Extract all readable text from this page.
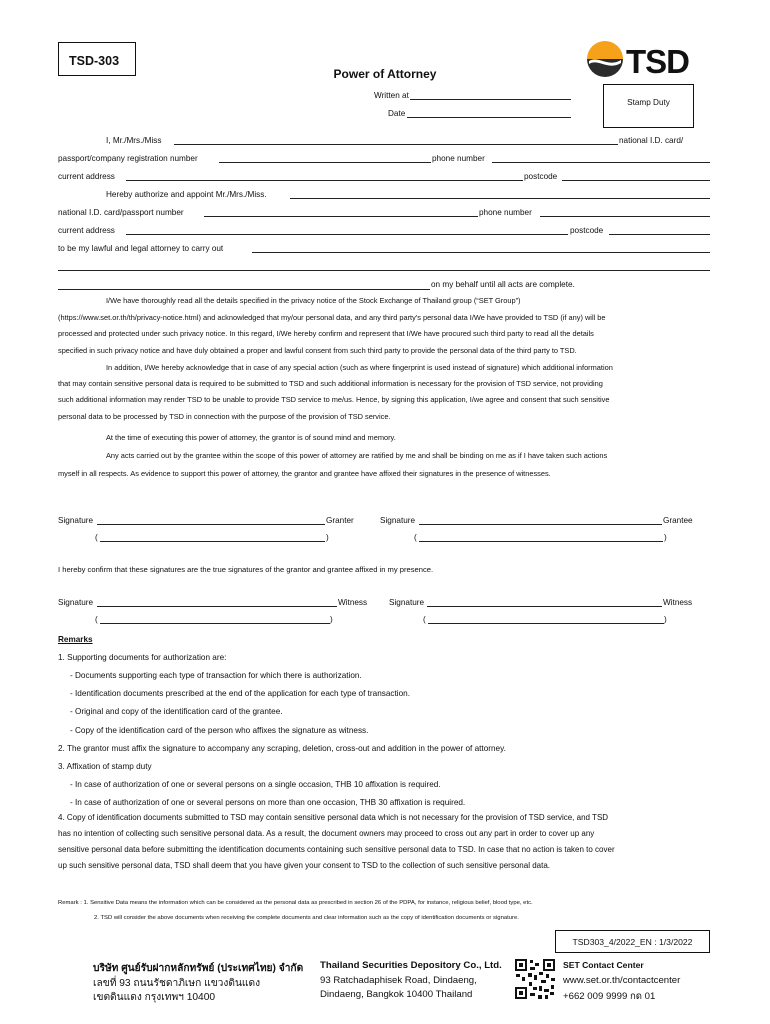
TSD-303
Power of Attorney	TSD
Written at
Date
Stamp Duty
I, Mr./Mrs./Miss	national I.D. card/
passport/company registration number	phone number
current address	postcode
Hereby authorize and appoint Mr./Mrs./Miss.
national I.D. card/passport number	phone number
current address	postcode
to be my lawful and legal attorney to carry out
on my behalf until all acts are complete.
I/We have thoroughly read all the details specified in the privacy notice of the Stock Exchange of Thailand group (“SET Group”)
(https://www.set.or.th/th/privacy-notice.html) and acknowledged that my/our personal data, and any third party's personal data I/We have provided to TSD (if any) will be
processed and protected under such privacy notice. In this regard, I/We hereby confirm and represent that I/We have procured such third party to read all the details
specified in such privacy notice and have duly obtained a proper and lawful consent from such third party to provide the personal data of the third party to TSD.
In addition, I/We hereby acknowledge that in case of any special action (such as where fingerprint is used instead of signature) which additional information
that may contain sensitive personal data is required to be submitted to TSD and such additional information is necessary for the provision of TSD service, not providing
such additional information may render TSD to be unable to provide TSD service to me/us. Hence, by signing this application, I/we agree and consent that such sensitive
personal data to be processed by TSD in connection with the purpose of the provision of TSD service.
At the time of executing this power of attorney, the grantor is of sound mind and memory.
Any acts carried out by the grantee within the scope of this power of attorney are ratified by me and shall be binding on me as if I have taken such actions
myself in all respects. As evidence to support this power of attorney, the grantor and grantee have affixed their signatures in the presence of witnesses.
Signature	Granter
(	)
Signature	Grantee
(	)
I hereby confirm that these signatures are the true signatures of the grantor and grantee affixed in my presence.
Signature	Witness
(	)
Signature	Witness
(	)
Remarks
1. Supporting documents for authorization are:
- Documents supporting each type of transaction for which there is authorization.
- Identification documents prescribed at the end of the application for each type of transaction.
- Original and copy of the identification card of the grantee.
- Copy of the identification card of the person who affixes the signature as witness.
2. The grantor must affix the signature to accompany any scraping, deletion, cross-out and addition in the power of attorney.
3. Affixation of stamp duty
- In case of authorization of one or several persons on a single occasion, THB 10 affixation is required.
- In case of authorization of one or several persons on more than one occasion, THB 30 affixation is required.
4. Copy of identification documents submitted to TSD may contain sensitive personal data which is not necessary for the provision of TSD service, and TSD
has no intention of collecting such sensitive personal data. As a result, the document owners may proceed to cross out any part in order to cover up any
sensitive personal data before submitting the identification documents containing such sensitive personal data to TSD. In case that no action is taken to cover
up such sensitive personal data, TSD shall deem that you have given your consent to TSD to the collection of such sensitive personal data.
Remark : 1. Sensitive Data means the information which can be considered as the personal data as prescribed in section 26 of the PDPA, for instance, religious belief, blood type, etc.
2. TSD will consider the above documents when receiving the complete documents and clear information such as the copy of identification documents or signature.
TSD303_4/2022_EN : 1/3/2022
บริษัท ศูนย์รับฝากหลักทรัพย์ (ประเทศไทย) จำกัด
เลขที่ 93 ถนนรัชดาภิเษก แขวงดินแดง
เขตดินแดง กรุงเทพฯ 10400
Thailand Securities Depository Co., Ltd.
93 Ratchadaphisek Road, Dindaeng,
Dindaeng, Bangkok 10400 Thailand
SET Contact Center
www.set.or.th/contactcenter
+662 009 9999 กด 01
